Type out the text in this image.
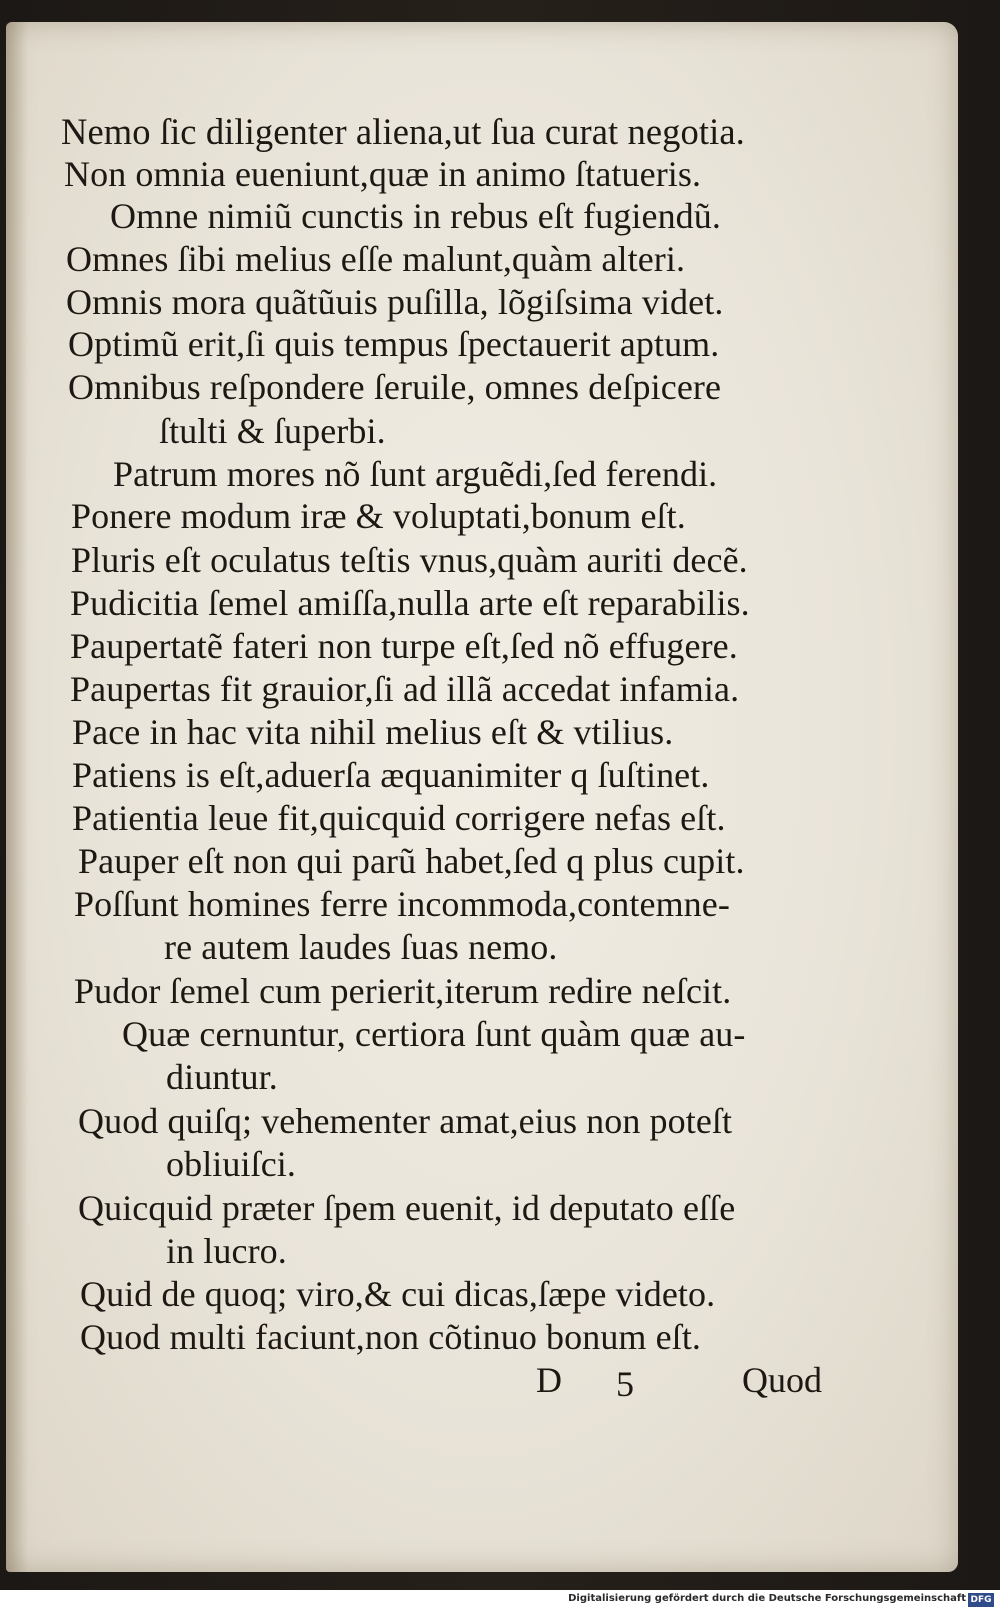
Nemo ſic diligenter aliena,ut ſua curat negotia.

Non omnia eueniunt,quæ in animo ſtatueris.

Omne nimiũ cunctis in rebus eſt fugiendũ.

Omnes ſibi melius eſſe malunt,quàm alteri.

Omnis mora quãtũuis puſilla, lõgiſsima videt.

Optimũ erit,ſi quis tempus ſpectauerit aptum.

Omnibus reſpondere ſeruile, omnes deſpicere

ſtulti & ſuperbi.

Patrum mores nõ ſunt arguẽdi,ſed ferendi.

Ponere modum iræ & voluptati,bonum eſt.

Pluris eſt oculatus teſtis vnus,quàm auriti decẽ.

Pudicitia ſemel amiſſa,nulla arte eſt reparabilis.

Paupertatẽ fateri non turpe eſt,ſed nõ effugere.

Paupertas fit grauior,ſi ad illã accedat infamia.

Pace in hac vita nihil melius eſt & vtilius.

Patiens is eſt,aduerſa æquanimiter q ſuſtinet.

Patientia leue fit,quicquid corrigere nefas eſt.

Pauper eſt non qui parũ habet,ſed q plus cupit.

Poſſunt homines ferre incommoda,contemne-

re autem laudes ſuas nemo.

Pudor ſemel cum perierit,iterum redire neſcit.

Quæ cernuntur, certiora ſunt quàm quæ au-

diuntur.

Quod quiſq; vehementer amat,eius non poteſt

obliuiſci.

Quicquid præter ſpem euenit, id deputato eſſe

in lucro.

Quid de quoq; viro,& cui dicas,ſæpe videto.

Quod multi faciunt,non cõtinuo bonum eſt.

D 5	Quod
Digitalisierung gefördert durch die Deutsche Forschungsgemeinschaft DFG
